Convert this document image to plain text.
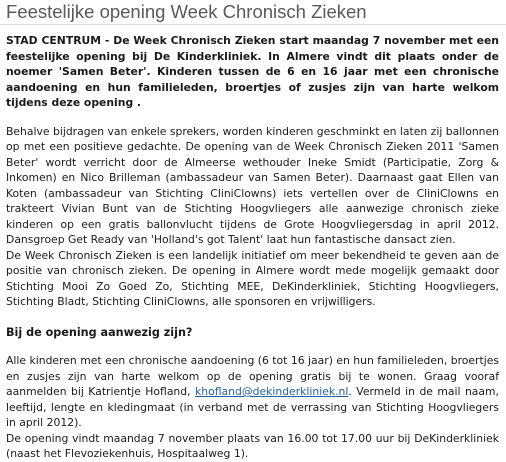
Feestelijke opening Week Chronisch Zieken

STAD CENTRUM - De Week Chronisch Zieken start maandag 7 november met een feestelijke opening bij De Kinderkliniek. In Almere vindt dit plaats onder de noemer 'Samen Beter'. Kinderen tussen de 6 en 16 jaar met een chronische aandoening en hun familieleden, broertjes of zusjes zijn van harte welkom tijdens deze opening .

Behalve bijdragen van enkele sprekers, worden kinderen geschminkt en laten zij ballonnen op met een positieve gedachte. De opening van de Week Chronisch Zieken 2011 'Samen Beter' wordt verricht door de Almeerse wethouder Ineke Smidt (Participatie, Zorg & Inkomen) en Nico Brilleman (ambassadeur van Samen Beter). Daarnaast gaat Ellen van Koten (ambassadeur van Stichting CliniClowns) iets vertellen over de CliniClowns en trakteert Vivian Bunt van de Stichting Hoogvliegers alle aanwezige chronisch zieke kinderen op een gratis ballonvlucht tijdens de Grote Hoogvliegersdag in april 2012. Dansgroep Get Ready van 'Holland's got Talent' laat hun fantastische dansact zien.
De Week Chronisch Zieken is een landelijk initiatief om meer bekendheid te geven aan de positie van chronisch zieken. De opening in Almere wordt mede mogelijk gemaakt door Stichting Mooi Zo Goed Zo, Stichting MEE, DeKinderkliniek, Stichting Hoogvliegers, Stichting Bladt, Stichting CliniClowns, alle sponsoren en vrijwilligers.

Bij de opening aanwezig zijn?

Alle kinderen met een chronische aandoening (6 tot 16 jaar) en hun familieleden, broertjes en zusjes zijn van harte welkom op de opening gratis bij te wonen. Graag vooraf aanmelden bij Katrientje Hofland, khofland@dekinderkliniek.nl. Vermeld in de mail naam, leeftijd, lengte en kledingmaat (in verband met de verrassing van Stichting Hoogvliegers in april 2012).
De opening vindt maandag 7 november plaats van 16.00 tot 17.00 uur bij DeKinderkliniek (naast het Flevoziekenhuis, Hospitaalweg 1).
